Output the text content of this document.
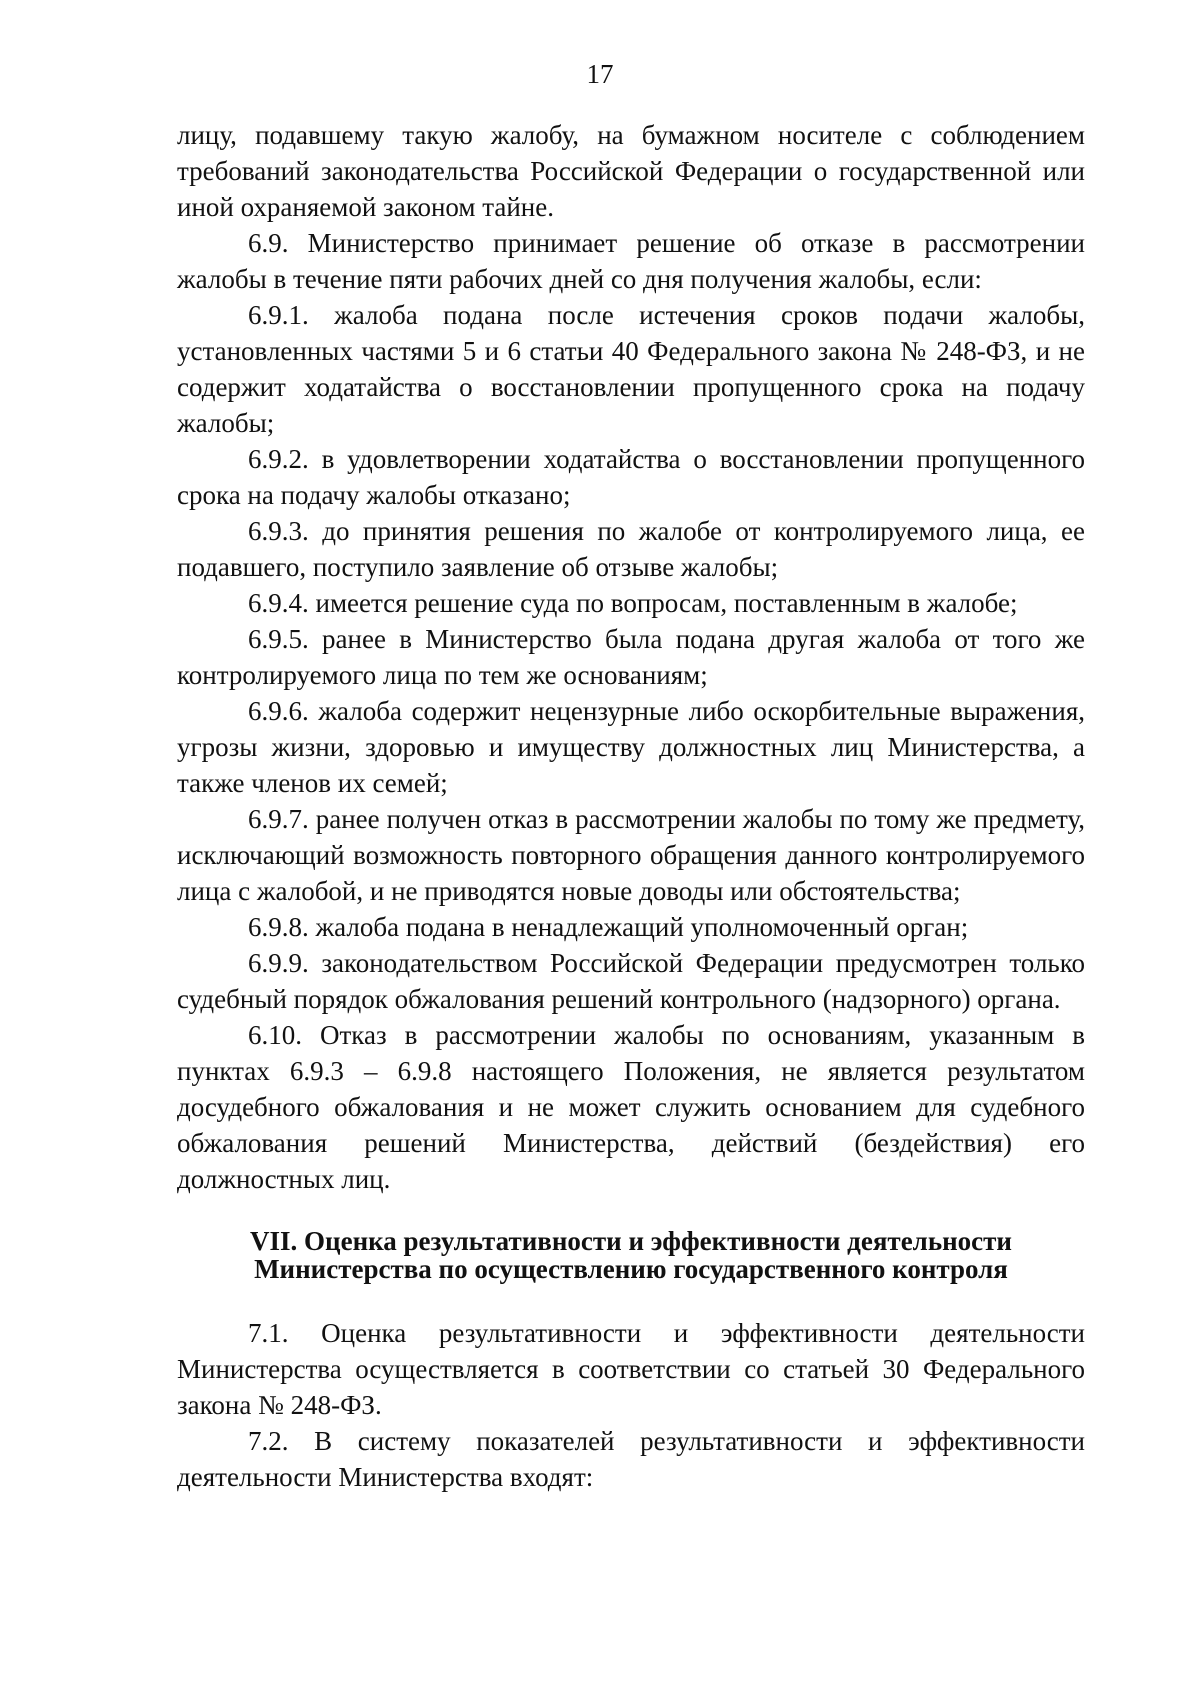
17

лицу, подавшему такую жалобу, на бумажном носителе с соблюдением требований законодательства Российской Федерации о государственной или иной охраняемой законом тайне.

6.9. Министерство принимает решение об отказе в рассмотрении жалобы в течение пяти рабочих дней со дня получения жалобы, если:

6.9.1. жалоба подана после истечения сроков подачи жалобы, установленных частями 5 и 6 статьи 40 Федерального закона № 248-ФЗ, и не содержит ходатайства о восстановлении пропущенного срока на подачу жалобы;

6.9.2. в удовлетворении ходатайства о восстановлении пропущенного срока на подачу жалобы отказано;

6.9.3. до принятия решения по жалобе от контролируемого лица, ее подавшего, поступило заявление об отзыве жалобы;

6.9.4. имеется решение суда по вопросам, поставленным в жалобе;

6.9.5. ранее в Министерство была подана другая жалоба от того же контролируемого лица по тем же основаниям;

6.9.6. жалоба содержит нецензурные либо оскорбительные выражения, угрозы жизни, здоровью и имуществу должностных лиц Министерства, а также членов их семей;

6.9.7. ранее получен отказ в рассмотрении жалобы по тому же предмету, исключающий возможность повторного обращения данного контролируемого лица с жалобой, и не приводятся новые доводы или обстоятельства;

6.9.8. жалоба подана в ненадлежащий уполномоченный орган;

6.9.9. законодательством Российской Федерации предусмотрен только судебный порядок обжалования решений контрольного (надзорного) органа.

6.10. Отказ в рассмотрении жалобы по основаниям, указанным в пунктах 6.9.3 – 6.9.8 настоящего Положения, не является результатом досудебного обжалования и не может служить основанием для судебного обжалования решений Министерства, действий (бездействия) его должностных лиц.

VII. Оценка результативности и эффективности деятельности
Министерства по осуществлению государственного контроля

7.1. Оценка результативности и эффективности деятельности Министерства осуществляется в соответствии со статьей 30 Федерального закона № 248-ФЗ.

7.2. В систему показателей результативности и эффективности деятельности Министерства входят:
